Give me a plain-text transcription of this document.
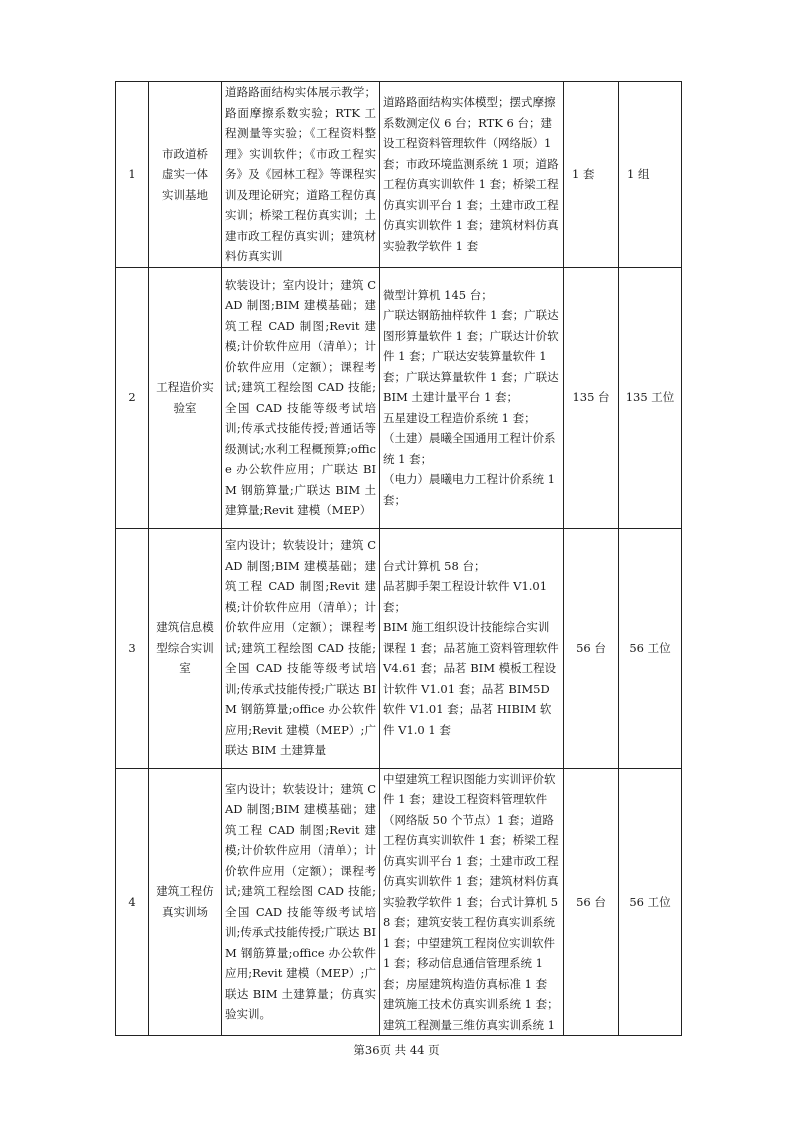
1	市政道桥
虚实一体
实训基地	道路路面结构实体展示教学；路面摩擦系数实验；RTK 工程测量等实验；《工程资料整理》实训软件；《市政工程实务》及《园林工程》等课程实训及理论研究；道路工程仿真实训；桥梁工程仿真实训；土建市政工程仿真实训；建筑材料仿真实训	道路路面结构实体模型；摆式摩擦系数测定仪 6 台；RTK 6 台；建设工程资料管理软件（网络版）1 套；市政环境监测系统 1 项；道路工程仿真实训软件 1 套；桥梁工程仿真实训平台 1 套；土建市政工程仿真实训软件 1 套；建筑材料仿真实验教学软件 1 套	1 套	1 组
2	工程造价实
验室	软装设计；室内设计；建筑 CAD 制图;BIM 建模基础；建筑工程 CAD 制图;Revit 建模;计价软件应用（清单）；计价软件应用（定额）；课程考试;建筑工程绘图 CAD 技能;全国 CAD 技能等级考试培训;传承式技能传授;普通话等级测试;水利工程概预算;office 办公软件应用；广联达 BIM 钢筋算量;广联达 BIM 土建算量;Revit 建模（MEP）	微型计算机 145 台；
广联达钢筋抽样软件 1 套；广联达图形算量软件 1 套；广联达计价软件 1 套；广联达安装算量软件 1 套；广联达算量软件 1 套；广联达 BIM 土建计量平台 1 套；
五星建设工程造价系统 1 套；
（土建）晨曦全国通用工程计价系统 1 套；
（电力）晨曦电力工程计价系统 1 套；	135 台	135 工位
3	建筑信息模
型综合实训
室	室内设计；软装设计；建筑 CAD 制图;BIM 建模基础；建筑工程 CAD 制图;Revit 建模;计价软件应用（清单）；计价软件应用（定额）；课程考试;建筑工程绘图 CAD 技能;全国 CAD 技能等级考试培训;传承式技能传授;广联达 BIM 钢筋算量;office 办公软件应用;Revit 建模（MEP）;广联达 BIM 土建算量	台式计算机 58 台；
品茗脚手架工程设计软件 V1.01 套；
BIM 施工组织设计技能综合实训课程 1 套；品茗施工资料管理软件 V4.61 套；品茗 BIM 模板工程设计软件 V1.01 套；品茗 BIM5D 软件 V1.01 套；品茗 HIBIM 软件 V1.0 1 套	56 台	56 工位
4	建筑工程仿
真实训场	室内设计；软装设计；建筑 CAD 制图;BIM 建模基础；建筑工程 CAD 制图;Revit 建模;计价软件应用（清单）；计价软件应用（定额）；课程考试;建筑工程绘图 CAD 技能;全国 CAD 技能等级考试培训;传承式技能传授;广联达 BIM 钢筋算量;office 办公软件应用;Revit 建模（MEP）;广联达 BIM 土建算量；仿真实验实训。	中望建筑工程识图能力实训评价软件 1 套；建设工程资料管理软件（网络版 50 个节点）1 套；道路工程仿真实训软件 1 套；桥梁工程仿真实训平台 1 套；土建市政工程仿真实训软件 1 套；建筑材料仿真实验教学软件 1 套；台式计算机 58 套；建筑安装工程仿真实训系统 1 套；中望建筑工程岗位实训软件 1 套；移动信息通信管理系统 1 套；房屋建筑构造仿真标准 1 套
建筑施工技术仿真实训系统 1 套；
建筑工程测量三维仿真实训系统 1	56 台	56 工位
第36页 共 44 页
